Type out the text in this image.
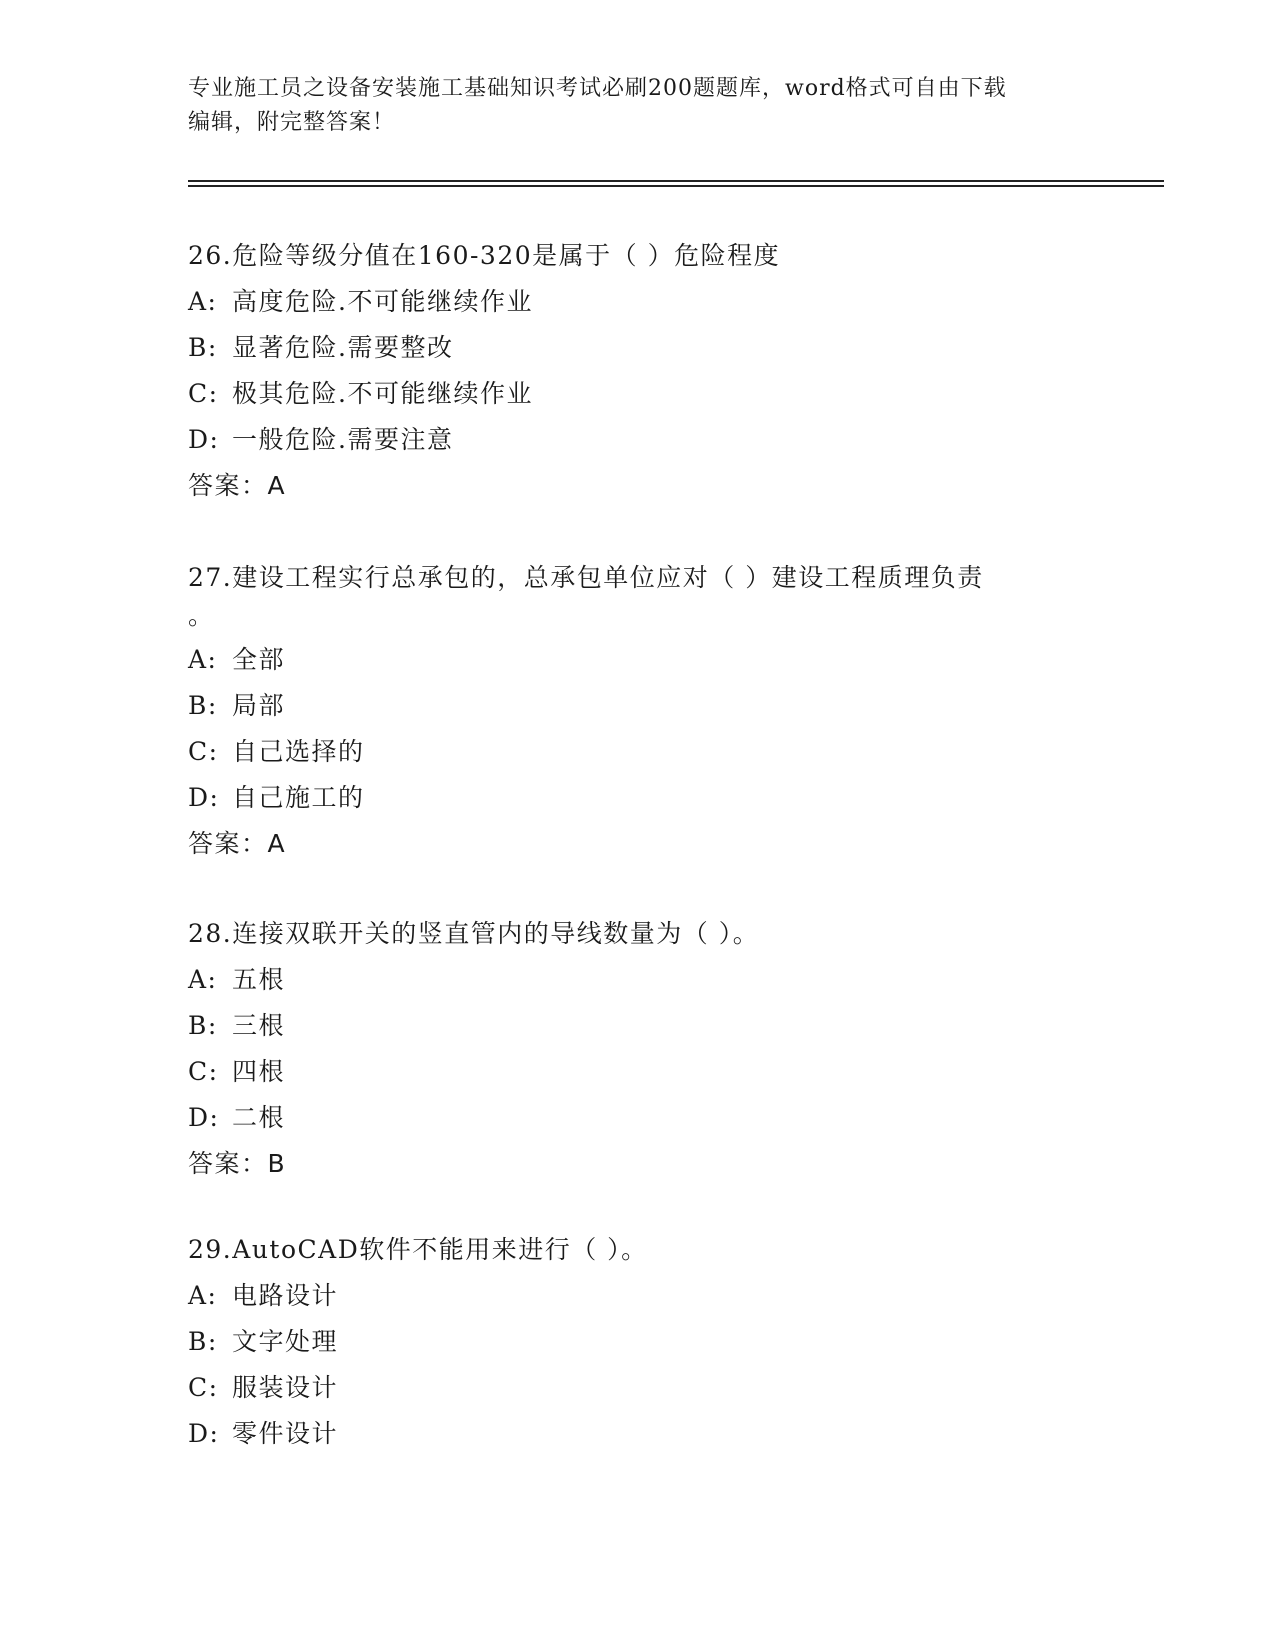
专业施工员之设备安装施工基础知识考试必刷200题题库，word格式可自由下载
编辑，附完整答案！
26.危险等级分值在160-320是属于（ ）危险程度
A: 高度危险.不可能继续作业
B: 显著危险.需要整改
C: 极其危险.不可能继续作业
D: 一般危险.需要注意
答案：A
27.建设工程实行总承包的，总承包单位应对（ ）建设工程质理负责
。
A: 全部
B: 局部
C: 自己选择的
D: 自己施工的
答案：A
28.连接双联开关的竖直管内的导线数量为（ ）。
A: 五根
B: 三根
C: 四根
D: 二根
答案：B
29.AutoCAD软件不能用来进行（ ）。
A: 电路设计
B: 文字处理
C: 服装设计
D: 零件设计
